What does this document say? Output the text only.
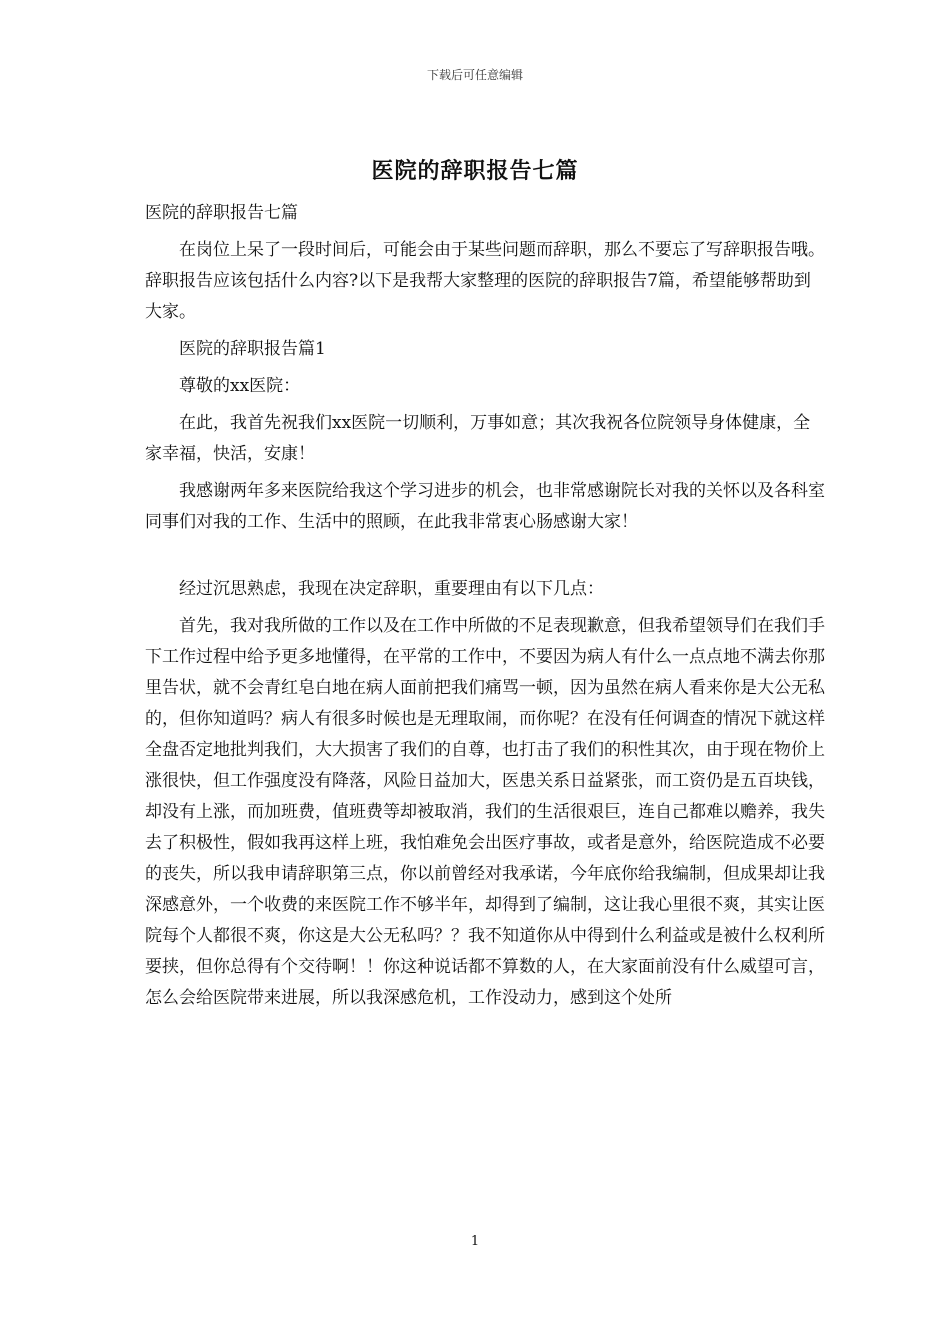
下载后可任意编辑
医院的辞职报告七篇

医院的辞职报告七篇

在岗位上呆了一段时间后，可能会由于某些问题而辞职，那么不要忘了写辞职报告哦。辞职报告应该包括什么内容?以下是我帮大家整理的医院的辞职报告7篇，希望能够帮助到大家。

医院的辞职报告篇1

尊敬的xx医院：

在此，我首先祝我们xx医院一切顺利，万事如意；其次我祝各位院领导身体健康，全家幸福，快活，安康！

我感谢两年多来医院给我这个学习进步的机会，也非常感谢院长对我的关怀以及各科室同事们对我的工作、生活中的照顾，在此我非常衷心肠感谢大家！

经过沉思熟虑，我现在决定辞职，重要理由有以下几点：

首先，我对我所做的工作以及在工作中所做的不足表现歉意，但我希望领导们在我们手下工作过程中给予更多地懂得，在平常的工作中，不要因为病人有什么一点点地不满去你那里告状，就不会青红皂白地在病人面前把我们痛骂一顿，因为虽然在病人看来你是大公无私的，但你知道吗？病人有很多时候也是无理取闹，而你呢？在没有任何调查的情况下就这样全盘否定地批判我们，大大损害了我们的自尊，也打击了我们的积性其次，由于现在物价上涨很快，但工作强度没有降落，风险日益加大，医患关系日益紧张，而工资仍是五百块钱，却没有上涨，而加班费，值班费等却被取消，我们的生活很艰巨，连自己都难以赡养，我失去了积极性，假如我再这样上班，我怕难免会出医疗事故，或者是意外，给医院造成不必要的丧失，所以我申请辞职第三点，你以前曾经对我承诺，今年底你给我编制，但成果却让我深感意外，一个收费的来医院工作不够半年，却得到了编制，这让我心里很不爽，其实让医院每个人都很不爽，你这是大公无私吗？？我不知道你从中得到什么利益或是被什么权利所要挟，但你总得有个交待啊！！你这种说话都不算数的人，在大家面前没有什么威望可言，怎么会给医院带来进展，所以我深感危机，工作没动力，感到这个处所

1
